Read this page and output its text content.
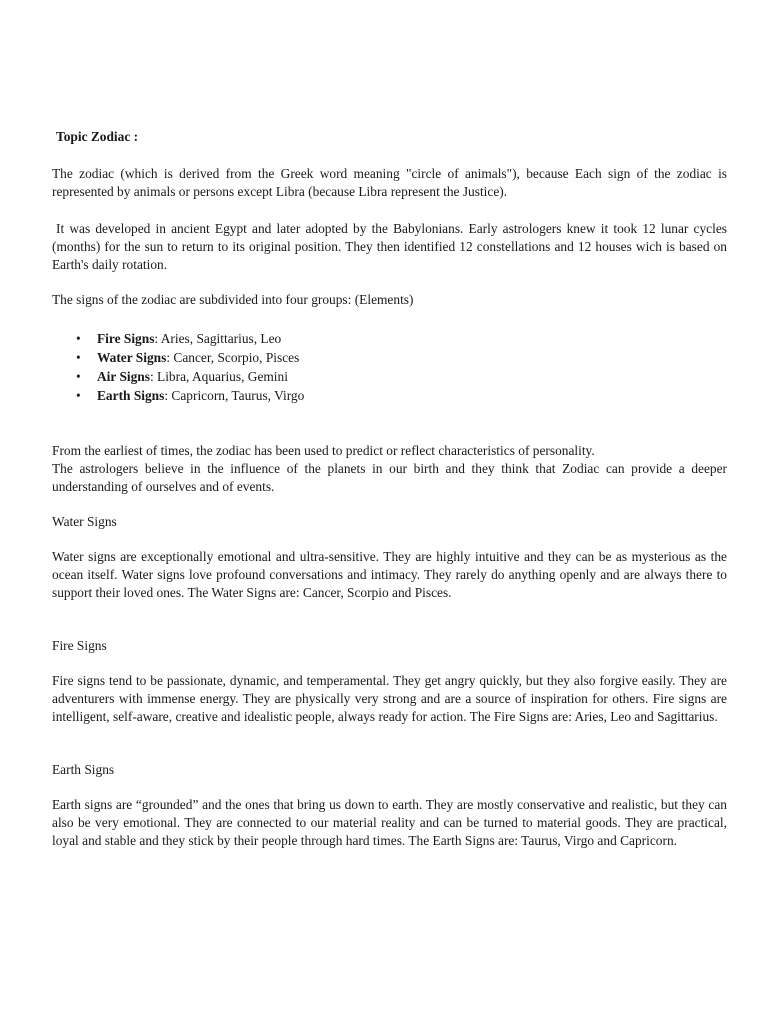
Topic Zodiac :

The zodiac (which is derived from the Greek word meaning "circle of animals"), because Each sign of the zodiac is represented by animals or persons except Libra (because Libra represent the Justice).

It was developed in ancient Egypt and later adopted by the Babylonians. Early astrologers knew it took 12 lunar cycles (months) for the sun to return to its original position. They then identified 12 constellations and 12 houses wich is based on Earth's daily rotation.

The signs of the zodiac are subdivided into four groups: (Elements)

• Fire Signs: Aries, Sagittarius, Leo
• Water Signs: Cancer, Scorpio, Pisces
• Air Signs: Libra, Aquarius, Gemini
• Earth Signs: Capricorn, Taurus, Virgo

From the earliest of times, the zodiac has been used to predict or reflect characteristics of personality.

The astrologers believe in the influence of the planets in our birth and they think that Zodiac can provide a deeper understanding of ourselves and of events.

Water Signs

Water signs are exceptionally emotional and ultra-sensitive. They are highly intuitive and they can be as mysterious as the ocean itself. Water signs love profound conversations and intimacy. They rarely do anything openly and are always there to support their loved ones. The Water Signs are: Cancer, Scorpio and Pisces.

Fire Signs

Fire signs tend to be passionate, dynamic, and temperamental. They get angry quickly, but they also forgive easily. They are adventurers with immense energy. They are physically very strong and are a source of inspiration for others. Fire signs are intelligent, self-aware, creative and idealistic people, always ready for action. The Fire Signs are: Aries, Leo and Sagittarius.

Earth Signs

Earth signs are “grounded” and the ones that bring us down to earth. They are mostly conservative and realistic, but they can also be very emotional. They are connected to our material reality and can be turned to material goods. They are practical, loyal and stable and they stick by their people through hard times. The Earth Signs are: Taurus, Virgo and Capricorn.
